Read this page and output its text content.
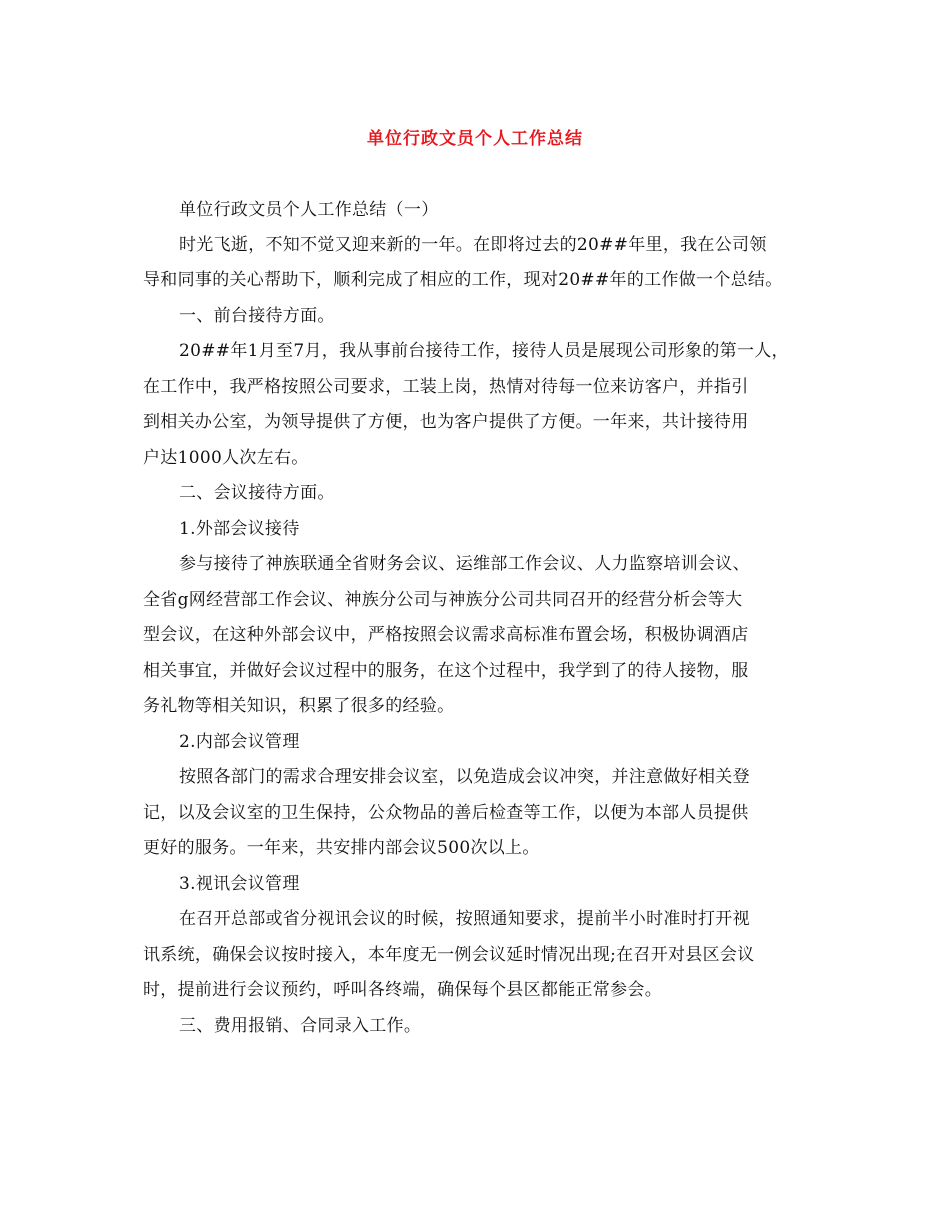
单位行政文员个人工作总结
单位行政文员个人工作总结（一）
时光飞逝，不知不觉又迎来新的一年。在即将过去的20##年里，我在公司领
导和同事的关心帮助下，顺利完成了相应的工作，现对20##年的工作做一个总结。
一、前台接待方面。
20##年1月至7月，我从事前台接待工作，接待人员是展现公司形象的第一人，
在工作中，我严格按照公司要求，工装上岗，热情对待每一位来访客户，并指引
到相关办公室，为领导提供了方便，也为客户提供了方便。一年来，共计接待用
户达1000人次左右。
二、会议接待方面。
1.外部会议接待
参与接待了神族联通全省财务会议、运维部工作会议、人力监察培训会议、
全省g网经营部工作会议、神族分公司与神族分公司共同召开的经营分析会等大
型会议，在这种外部会议中，严格按照会议需求高标准布置会场，积极协调酒店
相关事宜，并做好会议过程中的服务，在这个过程中，我学到了的待人接物，服
务礼物等相关知识，积累了很多的经验。
2.内部会议管理
按照各部门的需求合理安排会议室，以免造成会议冲突，并注意做好相关登
记，以及会议室的卫生保持，公众物品的善后检查等工作，以便为本部人员提供
更好的服务。一年来，共安排内部会议500次以上。
3.视讯会议管理
在召开总部或省分视讯会议的时候，按照通知要求，提前半小时准时打开视
讯系统，确保会议按时接入，本年度无一例会议延时情况出现;在召开对县区会议
时，提前进行会议预约，呼叫各终端，确保每个县区都能正常参会。
三、费用报销、合同录入工作。
